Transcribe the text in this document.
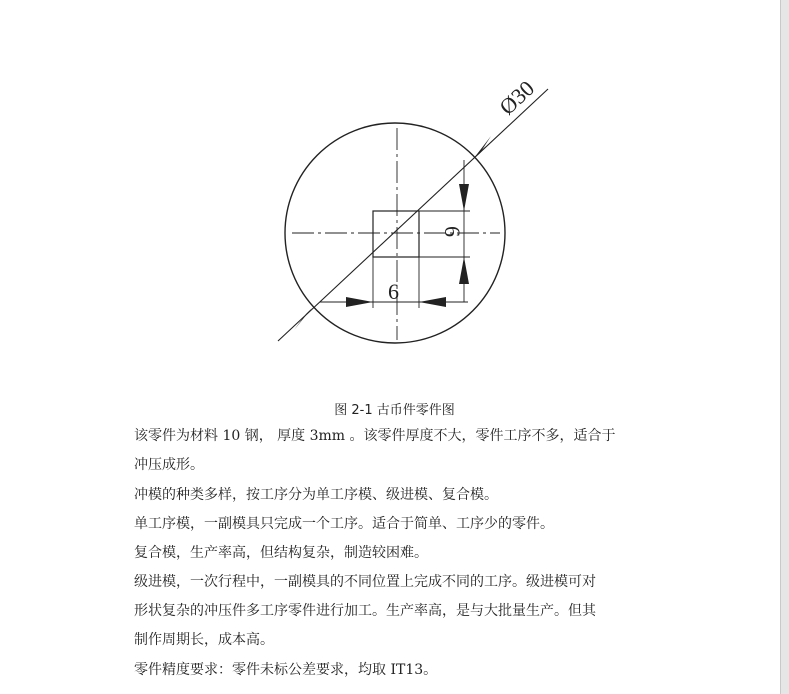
Ø30
6
6
图 2-1 古币件零件图

该零件为材料 10 钢， 厚度 3mm 。该零件厚度不大，零件工序不多，适合于

冲压成形。

冲模的种类多样，按工序分为单工序模、级进模、复合模。

单工序模，一副模具只完成一个工序。适合于简单、工序少的零件。

复合模，生产率高，但结构复杂，制造较困难。

级进模，一次行程中，一副模具的不同位置上完成不同的工序。级进模可对

形状复杂的冲压件多工序零件进行加工。生产率高，是与大批量生产。但其

制作周期长，成本高。

零件精度要求：零件未标公差要求，均取 IT13。
